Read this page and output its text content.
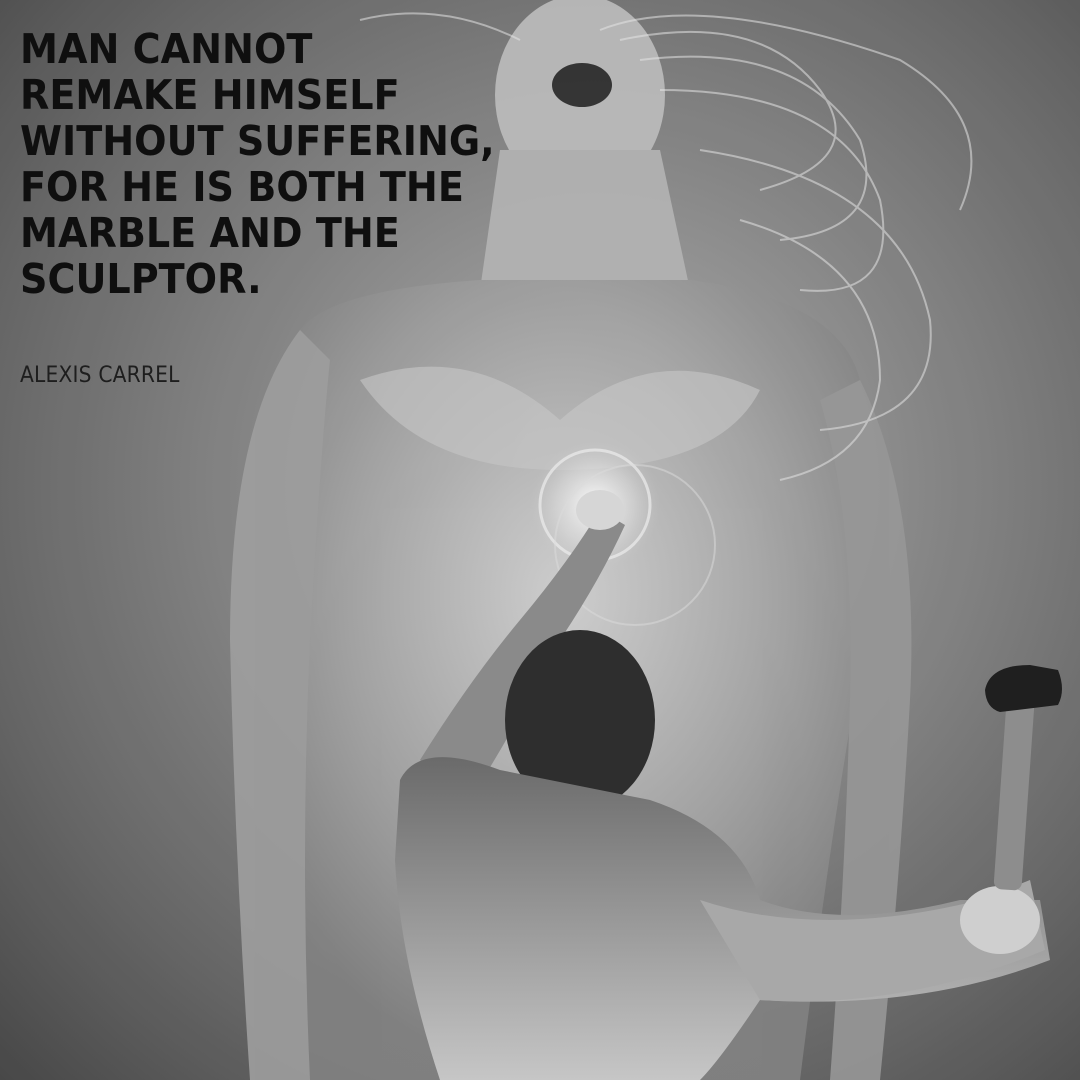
MAN CANNOT
REMAKE HIMSELF
WITHOUT SUFFERING,
FOR HE IS BOTH THE
MARBLE AND THE
SCULPTOR.
ALEXIS CARREL
